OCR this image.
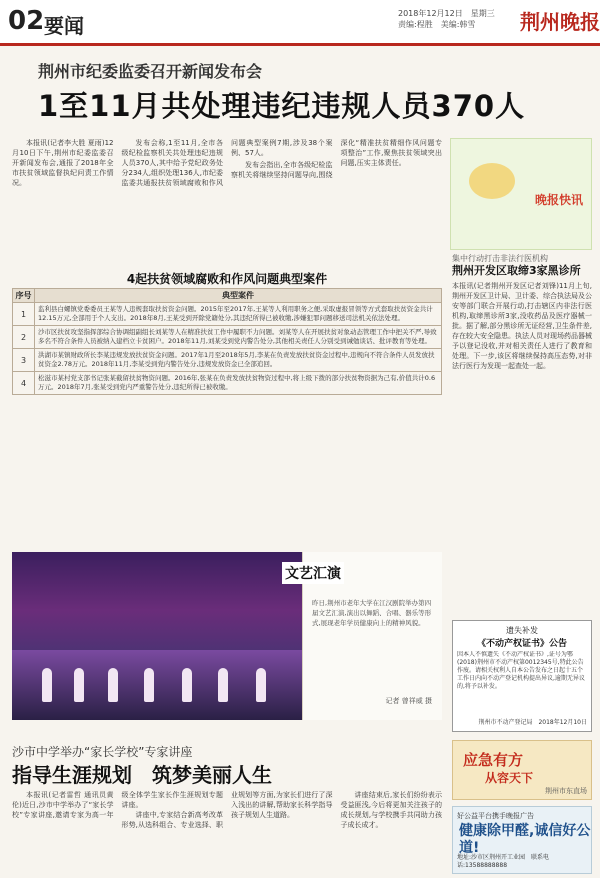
02 要闻
2018年12月12日　星期三
责编:程胜　美编:韩雪	荆州晚报
荆州市纪委监委召开新闻发布会
1至11月共处理违纪违规人员370人

本报讯(记者李大胜 夏雨)12月10日下午,荆州市纪委监委召开新闻发布会,通报了2018年全市扶贫领域监督执纪问责工作情况。

发布会称,1至11月,全市各级纪检监察机关共处理违纪违规人员370人,其中给予党纪政务处分234人,组织处理136人,市纪委监委共通报扶贫领域腐败和作风问题典型案例7期,涉及38个案例、57人。

发布会指出,全市各级纪检监察机关将继续坚持问题导向,围绕深化“精准扶贫精细作风问题专项整治”工作,聚焦扶贫领域突出问题,压实主体责任。

晚报快讯
集中行动打击非法行医机构
荆州开发区取缔3家黑诊所
本报讯(记者荆州开发区记者刘锋)11月上旬,荆州开发区卫计局、卫计委、综合执法局及公安等部门联合开展行动,打击辖区内非法行医机构,取缔黑诊所3家,没收药品及医疗器械一批。据了解,部分黑诊所无证经营,卫生条件差,存在较大安全隐患。执法人员对现场药品器械予以登记没收,并对相关责任人进行了教育和处理。下一步,该区将继续保持高压态势,对非法行医行为发现一起查处一起。
4起扶贫领域腐败和作风问题典型案件
序号	典型案件
1	监利县白螺镇党委委员王某等人违规套取扶贫资金问题。2015年至2017年,王某等人利用职务之便,采取虚报冒领等方式套取扶贫资金共计12.15万元,全部用于个人支出。2018年8月,王某受到开除党籍处分,其违纪所得已被收缴,涉嫌犯罪问题移送司法机关依法处理。
2	沙市区扶贫攻坚指挥部综合协调组副组长刘某等人在精准扶贫工作中履职不力问题。刘某等人在开展扶贫对象动态管理工作中把关不严,导致多名不符合条件人员被纳入建档立卡贫困户。2018年11月,刘某受到党内警告处分,其他相关责任人分别受到诫勉谈话、批评教育等处理。
3	洪湖市某镇财政所长李某违规发放扶贫资金问题。2017年1月至2018年5月,李某在负责发放扶贫资金过程中,违规向不符合条件人员发放扶贫资金2.78万元。2018年11月,李某受到党内警告处分,违规发放资金已全部追回。
4	松滋市某村党支部书记张某截留扶贫物资问题。2016年,张某在负责发放扶贫物资过程中,将上级下拨的部分扶贫物资据为己有,价值共计0.6万元。2018年7月,张某受到党内严重警告处分,违纪所得已被收缴。
昨日,荆州市老年大学在江汉剧院举办第四届文艺汇演,演出以舞蹈、合唱、器乐等形式,展现老年学员健康向上的精神风貌。
记者 曾祥威 摄
文艺汇演
遗失补发
《不动产权证书》公告
因本人不慎遗失《不动产权证书》,证号为鄂(2018)荆州市不动产权第0012345号,特此公告作废。请相关权利人自本公告发布之日起十五个工作日内向不动产登记机构提出异议,逾期无异议的,将予以补发。
荆州市不动产登记局　2018年12月10日
沙市中学举办“家长学校”专家讲座
指导生涯规划　筑梦美丽人生

本报讯(记者雷哲 通讯员黄伦)近日,沙市中学举办了“家长学校”专家讲座,邀请专家为高一年级全体学生家长作生涯规划专题讲座。

讲座中,专家结合新高考改革形势,从选科组合、专业选择、职业规划等方面,为家长们进行了深入浅出的讲解,帮助家长科学指导孩子规划人生道路。

讲座结束后,家长们纷纷表示受益匪浅,今后将更加关注孩子的成长规划,与学校携手共同助力孩子成长成才。

应急有方
从容天下
荆州市东直场
好公益平台携手晚报广告
健康除甲醛,诚信好公道!
地址:沙市区荆州开工业园　联系电话:13588888888
